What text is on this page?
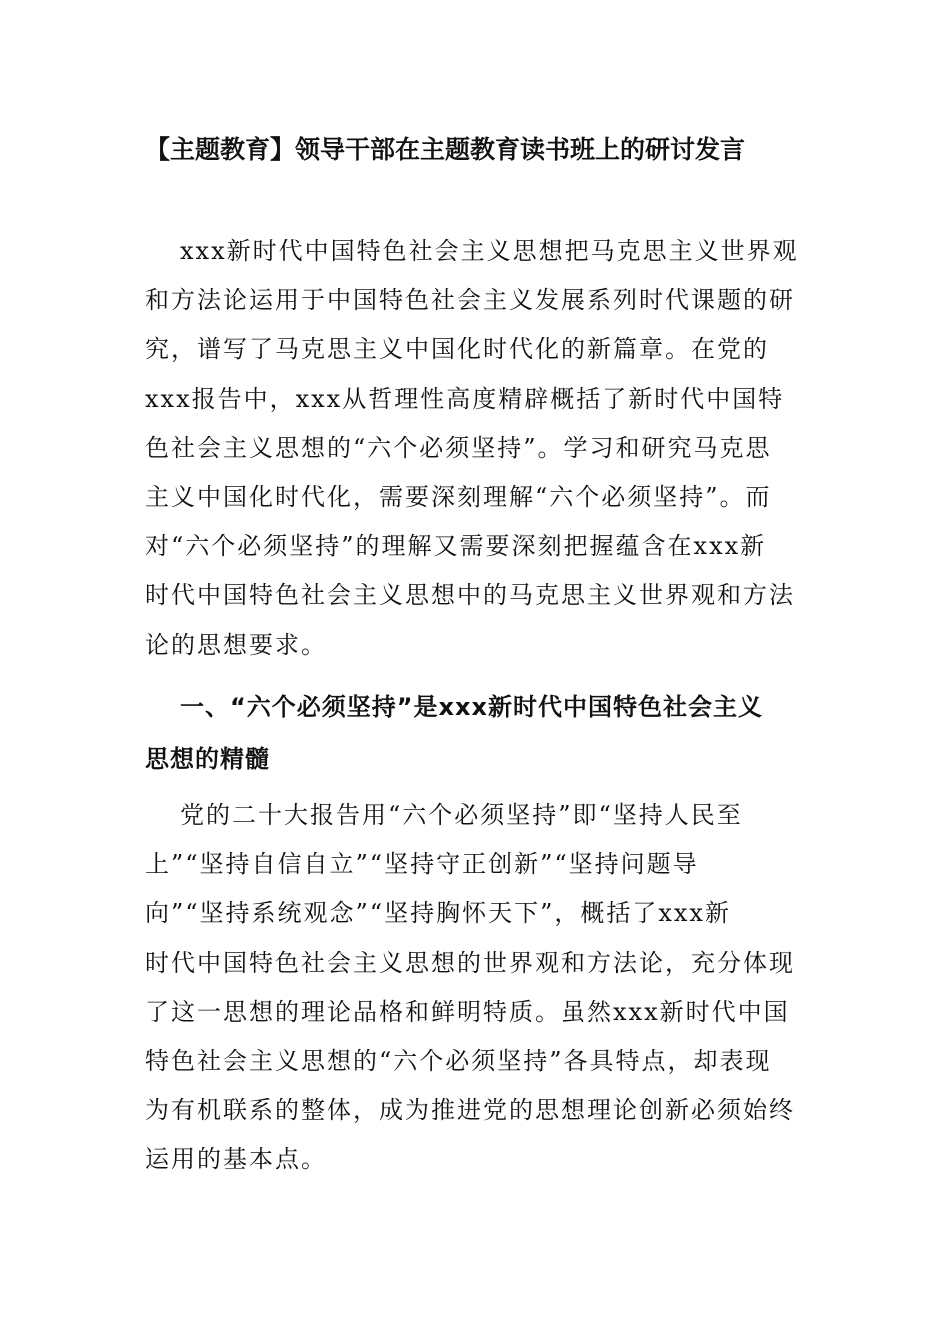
【主题教育】领导干部在主题教育读书班上的研讨发言
xxx新时代中国特色社会主义思想把马克思主义世界观
和方法论运用于中国特色社会主义发展系列时代课题的研
究，谱写了马克思主义中国化时代化的新篇章。在党的
xxx报告中，xxx从哲理性高度精辟概括了新时代中国特
色社会主义思想的“六个必须坚持”。学习和研究马克思
主义中国化时代化，需要深刻理解“六个必须坚持”。而
对“六个必须坚持”的理解又需要深刻把握蕴含在xxx新
时代中国特色社会主义思想中的马克思主义世界观和方法
论的思想要求。
一、“六个必须坚持”是xxx新时代中国特色社会主义
思想的精髓
党的二十大报告用“六个必须坚持”即“坚持人民至
上”“坚持自信自立”“坚持守正创新”“坚持问题导
向”“坚持系统观念”“坚持胸怀天下”，概括了xxx新
时代中国特色社会主义思想的世界观和方法论，充分体现
了这一思想的理论品格和鲜明特质。虽然xxx新时代中国
特色社会主义思想的“六个必须坚持”各具特点，却表现
为有机联系的整体，成为推进党的思想理论创新必须始终
运用的基本点。
